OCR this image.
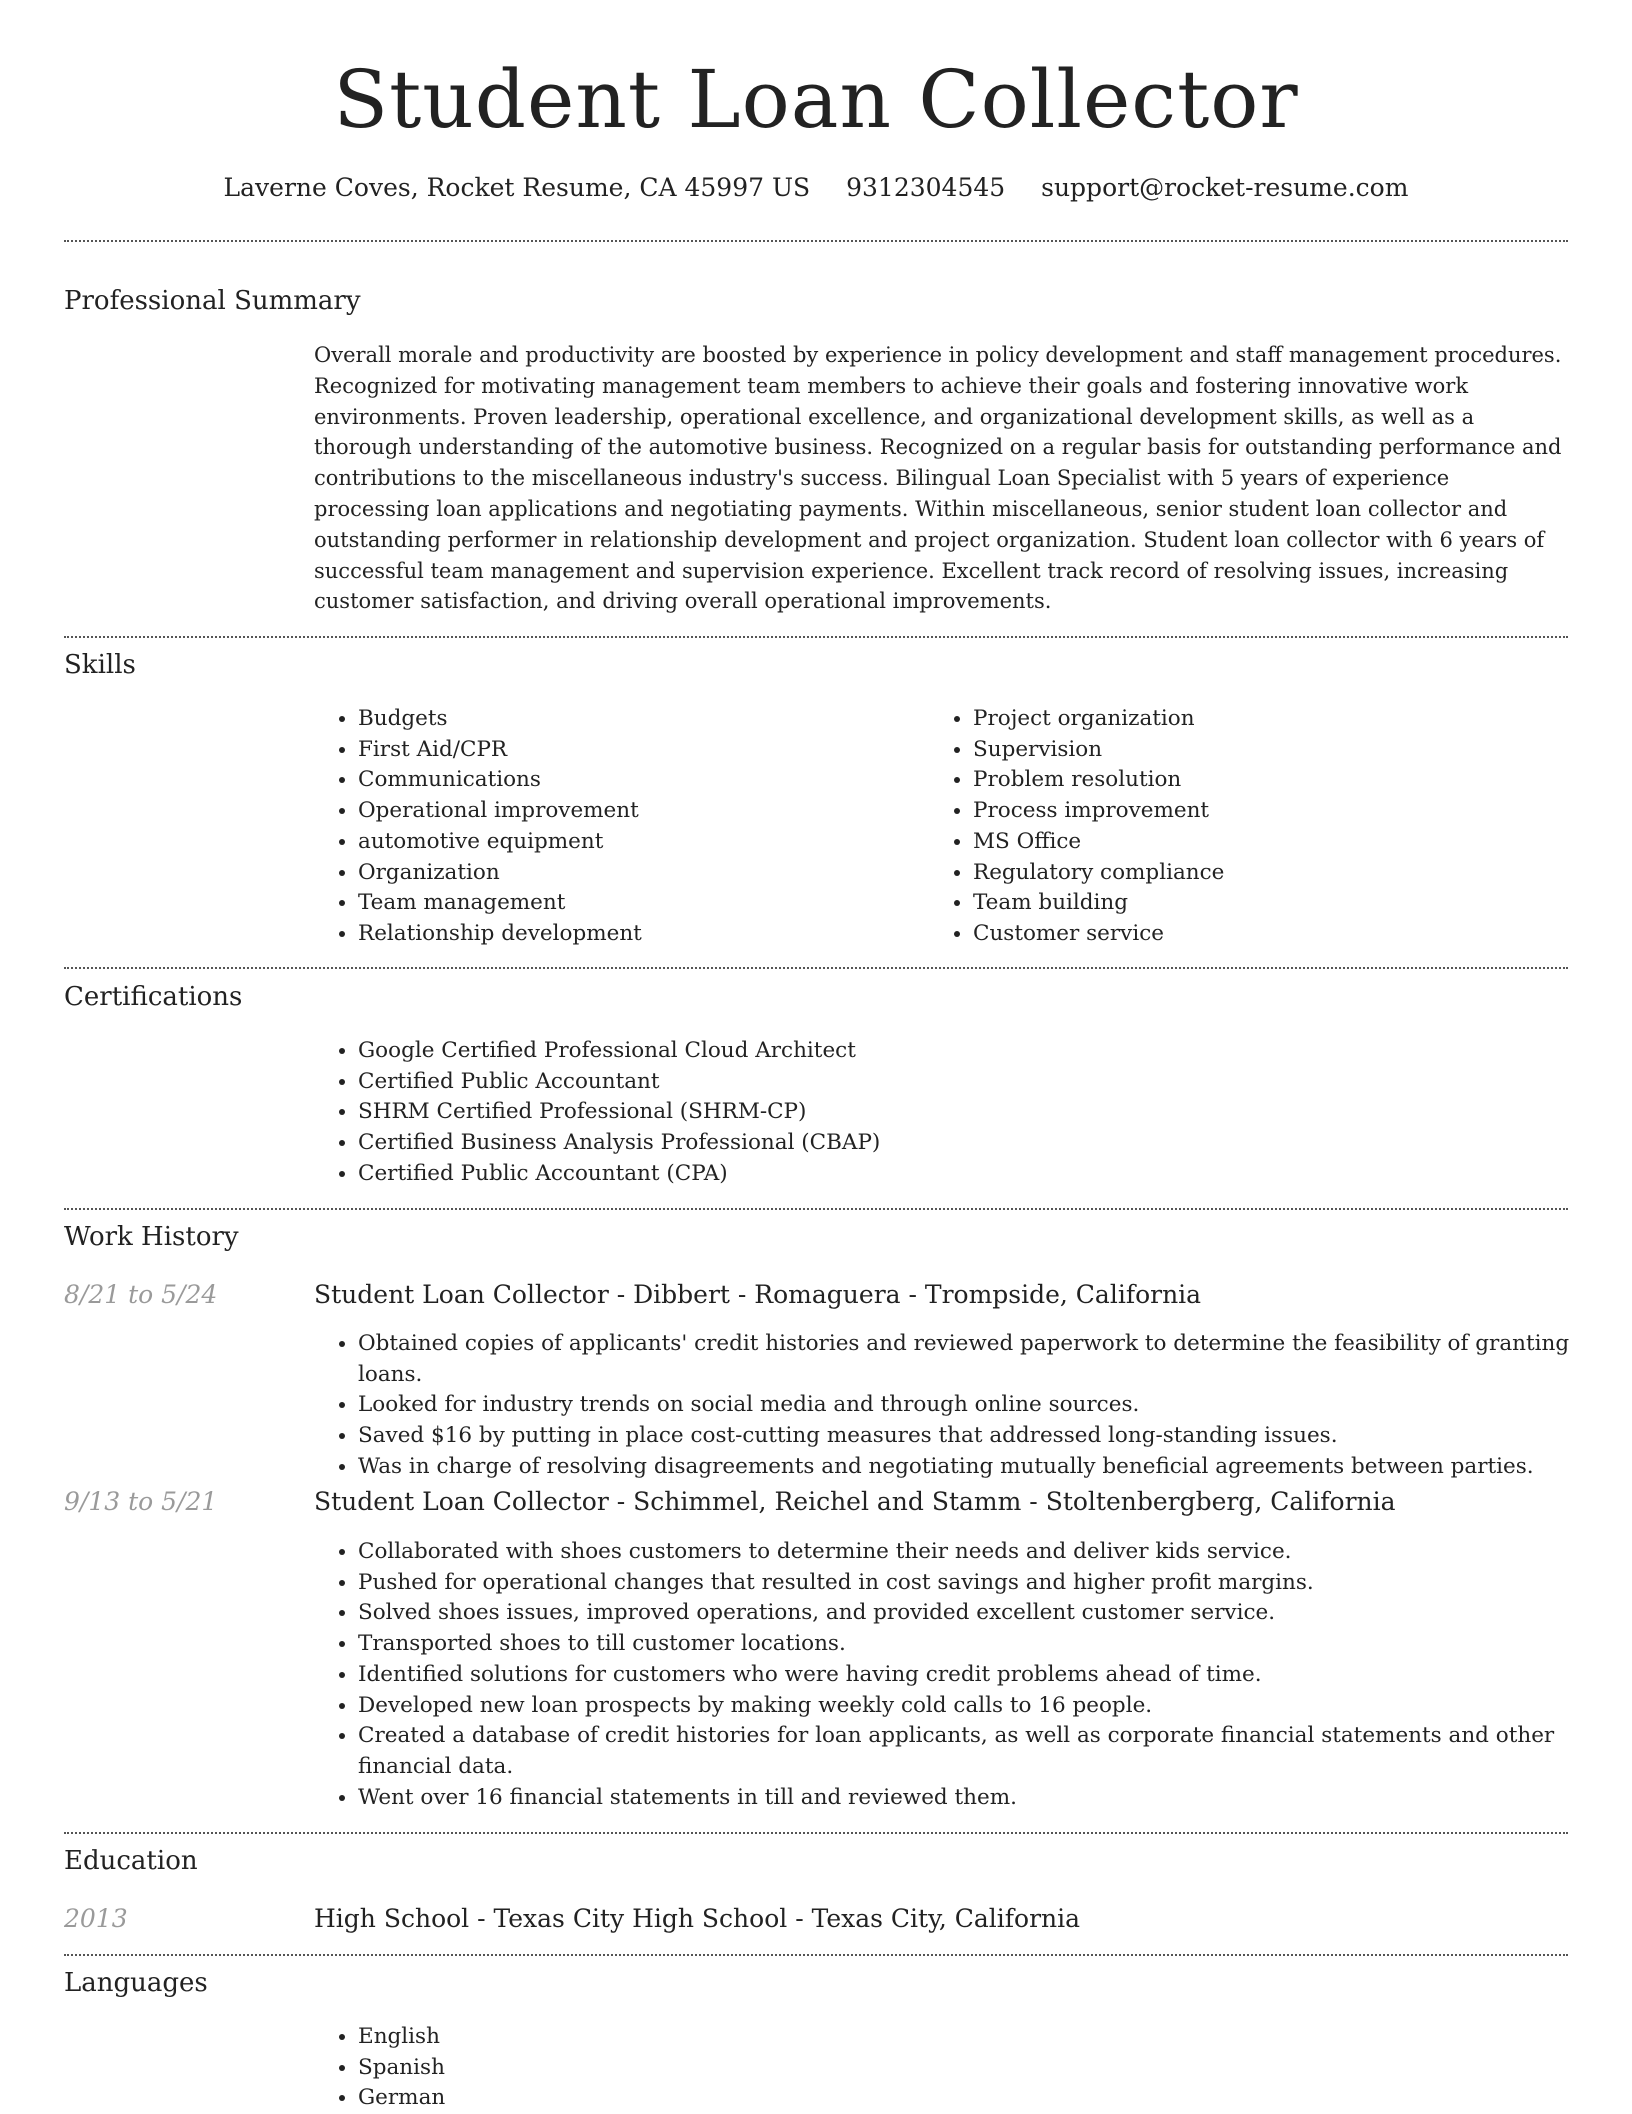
Student Loan Collector
Laverne Coves, Rocket Resume, CA 45997 US 9312304545 support@rocket-resume.com
Professional Summary
Overall morale and productivity are boosted by experience in policy development and staff management procedures. Recognized for motivating management team members to achieve their goals and fostering innovative work environments. Proven leadership, operational excellence, and organizational development skills, as well as a thorough understanding of the automotive business. Recognized on a regular basis for outstanding performance and contributions to the miscellaneous industry's success. Bilingual Loan Specialist with 5 years of experience processing loan applications and negotiating payments. Within miscellaneous, senior student loan collector and outstanding performer in relationship development and project organization. Student loan collector with 6 years of successful team management and supervision experience. Excellent track record of resolving issues, increasing customer satisfaction, and driving overall operational improvements.
Skills
• Budgets
• First Aid/CPR
• Communications
• Operational improvement
• automotive equipment
• Organization
• Team management
• Relationship development
• Project organization
• Supervision
• Problem resolution
• Process improvement
• MS Office
• Regulatory compliance
• Team building
• Customer service
Certifications
• Google Certified Professional Cloud Architect
• Certified Public Accountant
• SHRM Certified Professional (SHRM-CP)
• Certified Business Analysis Professional (CBAP)
• Certified Public Accountant (CPA)
Work History
8/21 to 5/24	Student Loan Collector - Dibbert - Romaguera - Trompside, California
• Obtained copies of applicants' credit histories and reviewed paperwork to determine the feasibility of granting loans.
• Looked for industry trends on social media and through online sources.
• Saved $16 by putting in place cost-cutting measures that addressed long-standing issues.
• Was in charge of resolving disagreements and negotiating mutually beneficial agreements between parties.
9/13 to 5/21	Student Loan Collector - Schimmel, Reichel and Stamm - Stoltenbergberg, California
• Collaborated with shoes customers to determine their needs and deliver kids service.
• Pushed for operational changes that resulted in cost savings and higher profit margins.
• Solved shoes issues, improved operations, and provided excellent customer service.
• Transported shoes to till customer locations.
• Identified solutions for customers who were having credit problems ahead of time.
• Developed new loan prospects by making weekly cold calls to 16 people.
• Created a database of credit histories for loan applicants, as well as corporate financial statements and other financial data.
• Went over 16 financial statements in till and reviewed them.
Education
2013	High School - Texas City High School - Texas City, California
Languages
• English
• Spanish
• German
